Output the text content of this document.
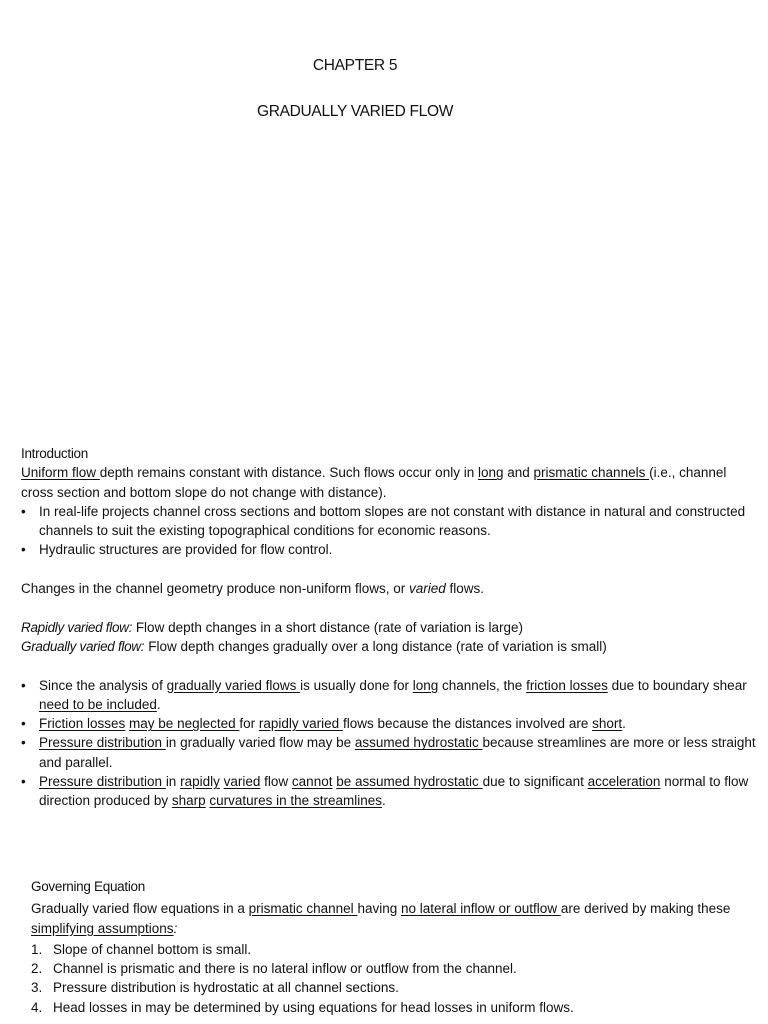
CHAPTER 5
GRADUALLY VARIED FLOW
Introduction
Uniform flow depth remains constant with distance. Such flows occur only in long and prismatic channels (i.e., channel cross section and bottom slope do not change with distance).
• In real-life projects channel cross sections and bottom slopes are not constant with distance in natural and constructed channels to suit the existing topographical conditions for economic reasons.
• Hydraulic structures are provided for flow control.
Changes in the channel geometry produce non-uniform flows, or varied flows.
Rapidly varied flow: Flow depth changes in a short distance (rate of variation is large)
Gradually varied flow: Flow depth changes gradually over a long distance (rate of variation is small)
• Since the analysis of gradually varied flows is usually done for long channels, the friction losses due to boundary shear need to be included.
• Friction losses may be neglected for rapidly varied flows because the distances involved are short.
• Pressure distribution in gradually varied flow may be assumed hydrostatic because streamlines are more or less straight and parallel.
• Pressure distribution in rapidly varied flow cannot be assumed hydrostatic due to significant acceleration normal to flow direction produced by sharp curvatures in the streamlines.
Governing Equation
Gradually varied flow equations in a prismatic channel having no lateral inflow or outflow are derived by making these simplifying assumptions:
1. Slope of channel bottom is small.
2. Channel is prismatic and there is no lateral inflow or outflow from the channel.
3. Pressure distribution is hydrostatic at all channel sections.
4. Head losses in may be determined by using equations for head losses in uniform flows.
